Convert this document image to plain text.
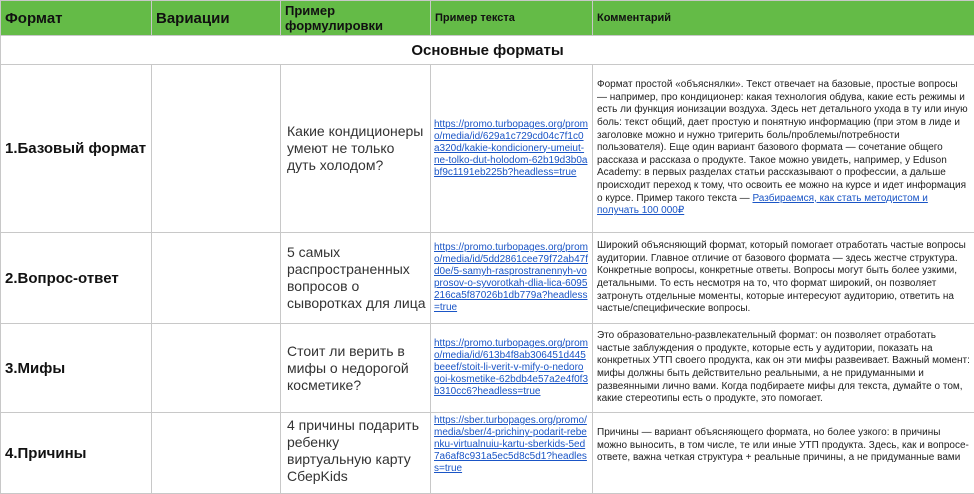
Формат	Вариации	Пример формулировки	Пример текста	Комментарий
Основные форматы				
1.Базовый формат		Какие кондиционеры умеют не только дуть холодом?	https://promo.turbopages.org/promo/media/id/629a1c729cd04c7f1c0a320d/kakie-kondicionery-umeiut-ne-tolko-dut-holodom-62b19d3b0abf9c1191eb225b?headless=true	Формат простой «объяснялки». Текст отвечает на базовые, простые вопросы — например, про кондиционер: какая технология обдува, какие есть режимы и есть ли функция ионизации воздуха. Здесь нет детального ухода в ту или иную боль: текст общий, дает простую и понятную информацию (при этом в лиде и заголовке можно и нужно тригерить боль/проблемы/потребности пользователя). Еще один вариант базового формата — сочетание общего рассказа и рассказа о продукте. Такое можно увидеть, например, у Eduson Academy: в первых разделах статьи рассказывают о профессии, а дальше происходит переход к тому, что освоить ее можно на курсе и идет информация о курсе. Пример такого текста — Разбираемся, как стать методистом и получать 100 000₽
2.Вопрос-ответ		5 самых распространенных вопросов о сыворотках для лица	https://promo.turbopages.org/promo/media/id/5dd2861cee79f72ab47fd0e/5-samyh-rasprostranennyh-voprosov-o-syvorotkah-dlia-lica-6095216ca5f87026b1db779a?headless=true	Широкий объясняющий формат, который помогает отработать частые вопросы аудитории. Главное отличие от базового формата — здесь жестче структура. Конкретные вопросы, конкретные ответы. Вопросы могут быть более узкими, детальными. То есть несмотря на то, что формат широкий, он позволяет затронуть отдельные моменты, которые интересуют аудиторию, ответить на частые/специфические вопросы.
3.Мифы		Стоит ли верить в мифы о недорогой косметике?	https://promo.turbopages.org/promo/media/id/613b4f8ab306451d445beeef/stoit-li-verit-v-mify-o-nedorogoi-kosmetike-62bdb4e57a2e4f0f3b310cc6?headless=true	Это образовательно-развлекательный формат: он позволяет отработать частые заблуждения о продукте, которые есть у аудитории, показать на конкретных УТП своего продукта, как он эти мифы развеивает. Важный момент: мифы должны быть действительно реальными, а не придуманными и развеянными лично вами. Когда подбираете мифы для текста, думайте о том, какие стереотипы есть о продукте, это помогает.
4.Причины		4 причины подарить ребенку виртуальную карту СберKids	https://sber.turbopages.org/promo/media/sber/4-prichiny-podarit-rebenku-virtualnuiu-kartu-sberkids-5ed7a6af8c931a5ec5d8c5d1?headless=true	Причины — вариант объясняющего формата, но более узкого: в причины можно выносить, в том числе, те или иные УТП продукта. Здесь, как и вопросе-ответе, важна четкая структура + реальные причины, а не придуманные вами
